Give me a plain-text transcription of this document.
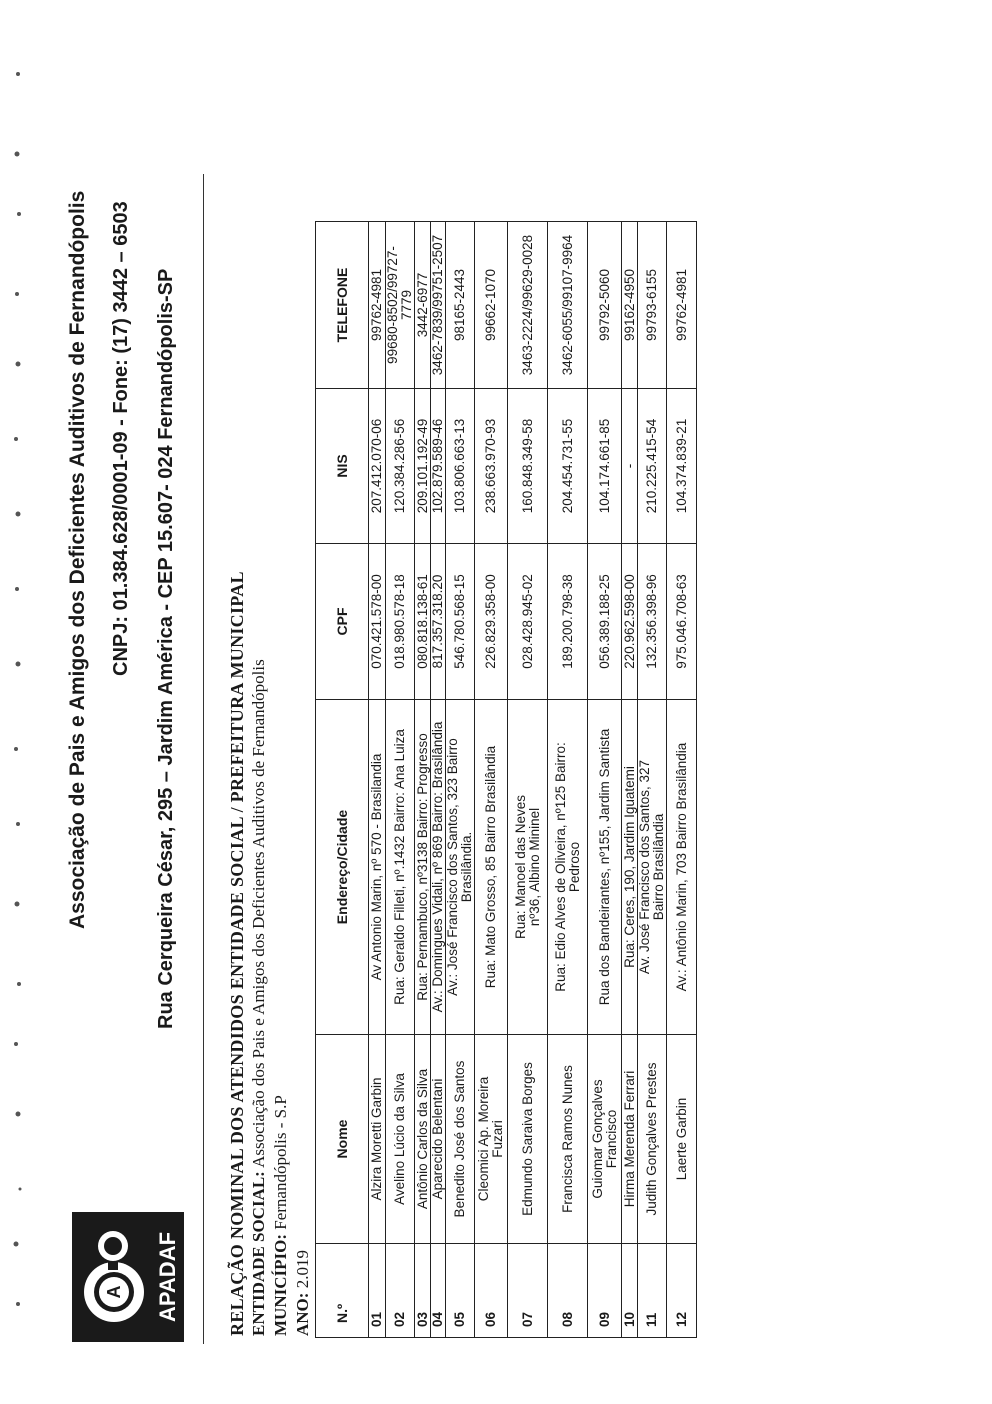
A APADAF
Associação de Pais e Amigos dos Deficientes Auditivos de Fernandópolis CNPJ: 01.384.628/0001-09 - Fone: (17) 3442 – 6503 Rua Cerqueira César, 295 – Jardim América - CEP 15.607- 024 Fernandópolis-SP	RELAÇÃO NOMINAL DOS ATENDIDOS ENTIDADE SOCIAL / PREFEITURA MUNICIPAL ENTIDADE SOCIAL: Associação dos Pais e Amigos dos Deficientes Auditivos de Fernandópolis
MUNICÍPIO: Fernandópolis - S.P
ANO: 2.019
N.º	Nome	Endereço/Cidade	CPF	NIS	TELEFONE
01	Alzira Moretti Garbin	Av Antonio Marin, nº 570 - Brasilandia	070.421.578-00	207.412.070-06	99762-4981

02	Avelino Lúcio da Silva	Rua: Geraldo Filleti, nº.1432 Bairro: Ana Luiza	018.980.578-18	120.384.286-56	99680-8502/99727- 7779

03	Antônio Carlos da Silva	Rua: Pernambuco, nº3138 Bairro: Progresso	080.818.138-61	209.101.192-49	3442-6977

04	Aparecido Belentani	Av.: Domingues Vidali, nº 869 Bairro: Brasilândia	817.357.318.20	102.879.589-46	3462-7839/99751-2507

05	Benedito José dos Santos	Av.: José Francisco dos Santos, 323 Bairro Brasilândia.	546.780.568-15	103.806.663-13	98165-2443

06	Cleomici Ap. Moreira Fuzari	Rua: Mato Grosso, 85 Bairro Brasilândia	226.829.358-00	238.663.970-93	99662-1070

07	Edmundo Saraiva Borges	Rua: Manoel das Neves nº36, Albino Mininel	028.428.945-02	160.848.349-58	3463-2224/99629-0028

08	Francisca Ramos Nunes	Rua: Edio Alves de Oliveira, nº125 Bairro: Pedroso	189.200.798-38	204.454.731-55	3462-6055/99107-9964

09	Guiomar Gonçalves Francisco	Rua dos Bandeirantes, nº155, Jardim Santista	056.389.188-25	104.174.661-85	99792-5060

10	Hirma Merenda Ferrari	Rua: Ceres, 190, Jardim Iguatemi	220.962.598-00	-	99162-4950

11	Judith Gonçalves Prestes	Av. José Francisco dos Santos, 327 Bairro Brasilândia	132.356.398-96	210.225.415-54	99793-6155

12	Laerte Garbin	Av.: Antônio Marin, 703 Bairro Brasilândia	975.046.708-63	104.374.839-21	99762-4981
